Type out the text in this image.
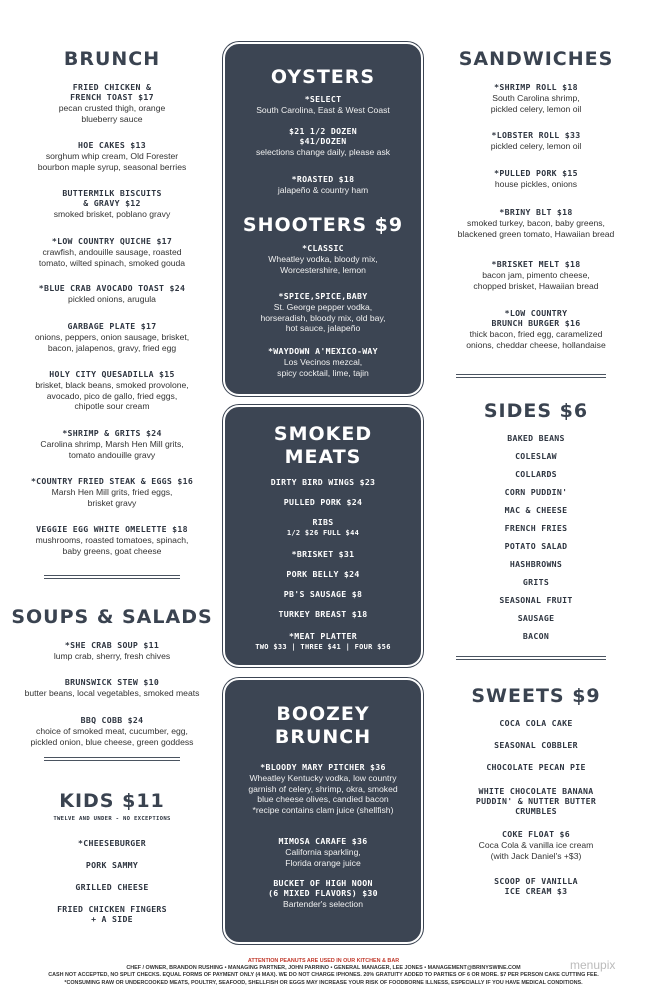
BRUNCH
FRIED CHICKEN &
FRENCH TOAST $17
pecan crusted thigh, orange
blueberry sauce
HOE CAKES $13
sorghum whip cream, Old Forester
bourbon maple syrup, seasonal berries
BUTTERMILK BISCUITS
& GRAVY $12
smoked brisket, poblano gravy
*LOW COUNTRY QUICHE $17
crawfish, andouille sausage, roasted
tomato, wilted spinach, smoked gouda
*BLUE CRAB AVOCADO TOAST $24
pickled onions, arugula
GARBAGE PLATE $17
onions, peppers, onion sausage, brisket,
bacon, jalapenos, gravy, fried egg
HOLY CITY QUESADILLA $15
brisket, black beans, smoked provolone,
avocado, pico de gallo, fried eggs,
chipotle sour cream
*SHRIMP & GRITS $24
Carolina shrimp, Marsh Hen Mill grits,
tomato andouille gravy
*COUNTRY FRIED STEAK & EGGS $16
Marsh Hen Mill grits, fried eggs,
brisket gravy
VEGGIE EGG WHITE OMELETTE $18
mushrooms, roasted tomatoes, spinach,
baby greens, goat cheese
SOUPS & SALADS
*SHE CRAB SOUP $11
lump crab, sherry, fresh chives
BRUNSWICK STEW $10
butter beans, local vegetables, smoked meats
BBQ COBB $24
choice of smoked meat, cucumber, egg,
pickled onion, blue cheese, green goddess
KIDS $11
TWELVE AND UNDER - NO EXCEPTIONS
*CHEESEBURGER
PORK SAMMY
GRILLED CHEESE
FRIED CHICKEN FINGERS
+ A SIDE
OYSTERS
*SELECT
South Carolina, East & West Coast
$21 1/2 DOZEN
$41/DOZEN
selections change daily, please ask
*ROASTED $18
jalapeño & country ham
SHOOTERS $9
*CLASSIC
Wheatley vodka, bloody mix,
Worcestershire, lemon
*SPICE,SPICE,BABY
St. George pepper vodka,
horseradish, bloody mix, old bay,
hot sauce, jalapeño
*WAYDOWN A'MEXICO-WAY
Los Vecinos mezcal,
spicy cocktail, lime, tajin
SMOKED
MEATS
DIRTY BIRD WINGS $23
PULLED PORK $24
RIBS
1/2 $26 FULL $44
*BRISKET $31
PORK BELLY $24
PB'S SAUSAGE $8
TURKEY BREAST $18
*MEAT PLATTER
TWO $33 | THREE $41 | FOUR $56
BOOZEY
BRUNCH
*BLOODY MARY PITCHER $36
Wheatley Kentucky vodka, low country
garnish of celery, shrimp, okra, smoked
blue cheese olives, candied bacon
*recipe contains clam juice (shellfish)
MIMOSA CARAFE $36
California sparkling,
Florida orange juice
BUCKET OF HIGH NOON
(6 MIXED FLAVORS) $30
Bartender's selection
SANDWICHES
*SHRIMP ROLL $18
South Carolina shrimp,
pickled celery, lemon oil
*LOBSTER ROLL $33
pickled celery, lemon oil
*PULLED PORK $15
house pickles, onions
*BRINY BLT $18
smoked turkey, bacon, baby greens,
blackened green tomato, Hawaiian bread
*BRISKET MELT $18
bacon jam, pimento cheese,
chopped brisket, Hawaiian bread
*LOW COUNTRY
BRUNCH BURGER $16
thick bacon, fried egg, caramelized
onions, cheddar cheese, hollandaise
SIDES $6
BAKED BEANS
COLESLAW
COLLARDS
CORN PUDDIN'
MAC & CHEESE
FRENCH FRIES
POTATO SALAD
HASHBROWNS
GRITS
SEASONAL FRUIT
SAUSAGE
BACON
SWEETS $9
COCA COLA CAKE
SEASONAL COBBLER
CHOCOLATE PECAN PIE
WHITE CHOCOLATE BANANA
PUDDIN' & NUTTER BUTTER
CRUMBLES
COKE FLOAT $6
Coca Cola & vanilla ice cream
(with Jack Daniel's +$3)
SCOOP OF VANILLA
ICE CREAM $3
ATTENTION PEANUTS ARE USED IN OUR KITCHEN & BAR
CHEF / OWNER, BRANDON RUSHING • MANAGING PARTNER, JOHN PARRINO • GENERAL MANAGER, LEE JONES • MANAGEMENT@BRINYSWINE.COM
CASH NOT ACCEPTED, NO SPLIT CHECKS. EQUAL FORMS OF PAYMENT ONLY (4 MAX). WE DO NOT CHARGE IPHONES. 20% GRATUITY ADDED TO PARTIES OF 6 OR MORE. $7 PER PERSON CAKE CUTTING FEE.
*CONSUMING RAW OR UNDERCOOKED MEATS, POULTRY, SEAFOOD, SHELLFISH OR EGGS MAY INCREASE YOUR RISK OF FOODBORNE ILLNESS, ESPECIALLY IF YOU HAVE MEDICAL CONDITIONS.
menupix
